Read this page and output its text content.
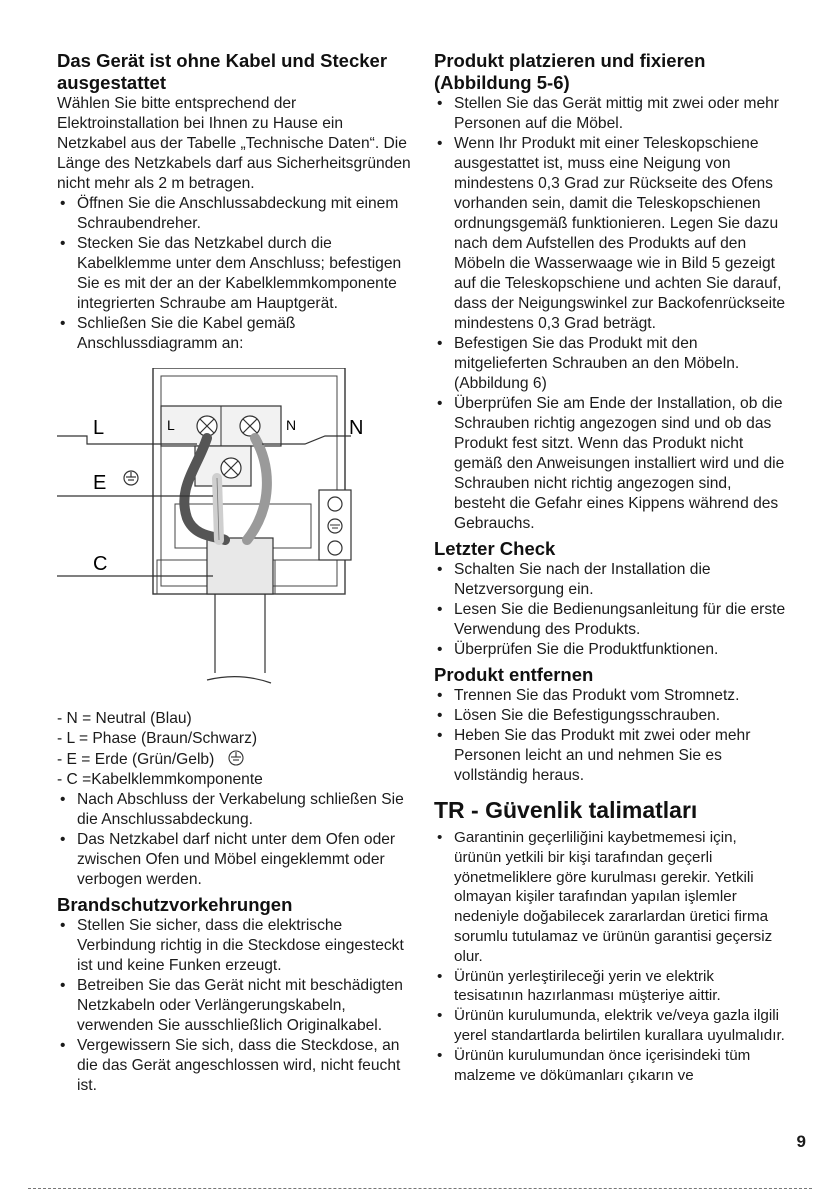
Das Gerät ist ohne Kabel und Stecker ausgestattet

Wählen Sie bitte entsprechend der Elektroinstallation bei Ihnen zu Hause ein Netzkabel aus der Tabelle „Technische Daten“. Die Länge des Netzkabels darf aus Sicherheitsgründen nicht mehr als 2 m betragen.

• Öffnen Sie die Anschlussabdeckung mit einem Schraubendreher.
• Stecken Sie das Netzkabel durch die Kabelklemme unter dem Anschluss; befestigen Sie es mit der an der Kabelklemmkomponente integrierten Schraube am Hauptgerät.
• Schließen Sie die Kabel gemäß Anschlussdiagramm an:
L
E
C
N
L	N
- N = Neutral (Blau)
- L = Phase (Braun/Schwarz)
- E = Erde (Grün/Gelb)
- C =Kabelklemmkomponente
• Nach Abschluss der Verkabelung schließen Sie die Anschlussabdeckung.
• Das Netzkabel darf nicht unter dem Ofen oder zwischen Ofen und Möbel eingeklemmt oder verbogen werden.
Brandschutzvorkehrungen
• Stellen Sie sicher, dass die elektrische Verbindung richtig in die Steckdose eingesteckt ist und keine Funken erzeugt.
• Betreiben Sie das Gerät nicht mit beschädigten Netzkabeln oder Verlängerungskabeln, verwenden Sie ausschließlich Originalkabel.
• Vergewissern Sie sich, dass die Steckdose, an die das Gerät angeschlossen wird, nicht feucht ist.
Produkt platzieren und fixieren (Abbildung 5-6)
• Stellen Sie das Gerät mittig mit zwei oder mehr Personen auf die Möbel.
• Wenn Ihr Produkt mit einer Teleskopschiene ausgestattet ist, muss eine Neigung von mindestens 0,3 Grad zur Rückseite des Ofens vorhanden sein, damit die Teleskopschienen ordnungsgemäß funktionieren. Legen Sie dazu nach dem Aufstellen des Produkts auf den Möbeln die Wasserwaage wie in Bild 5 gezeigt auf die Teleskopschiene und achten Sie darauf, dass der Neigungswinkel zur Backofenrückseite mindestens 0,3 Grad beträgt.
• Befestigen Sie das Produkt mit den mitgelieferten Schrauben an den Möbeln. (Abbildung 6)
• Überprüfen Sie am Ende der Installation, ob die Schrauben richtig angezogen sind und ob das Produkt fest sitzt. Wenn das Produkt nicht gemäß den Anweisungen installiert wird und die Schrauben nicht richtig angezogen sind, besteht die Gefahr eines Kippens während des Gebrauchs.
Letzter Check
• Schalten Sie nach der Installation die Netzversorgung ein.
• Lesen Sie die Bedienungsanleitung für die erste Verwendung des Produkts.
• Überprüfen Sie die Produktfunktionen.
Produkt entfernen
• Trennen Sie das Produkt vom Stromnetz.
• Lösen Sie die Befestigungsschrauben.
• Heben Sie das Produkt mit zwei oder mehr Personen leicht an und nehmen Sie es vollständig heraus.
TR - Güvenlik talimatları
• Garantinin geçerliliğini kaybetmemesi için, ürünün yetkili bir kişi tarafından geçerli yönetmeliklere göre kurulması gerekir. Yetkili olmayan kişiler tarafından yapılan işlemler nedeniyle doğabilecek zararlardan üretici firma sorumlu tutulamaz ve ürünün garantisi geçersiz olur.
• Ürünün yerleştirileceği yerin ve elektrik tesisatının hazırlanması müşteriye aittir.
• Ürünün kurulumunda, elektrik ve/veya gazla ilgili yerel standartlarda belirtilen kurallara uyulmalıdır.
• Ürünün kurulumundan önce içerisindeki tüm malzeme ve dökümanları çıkarın ve
9
